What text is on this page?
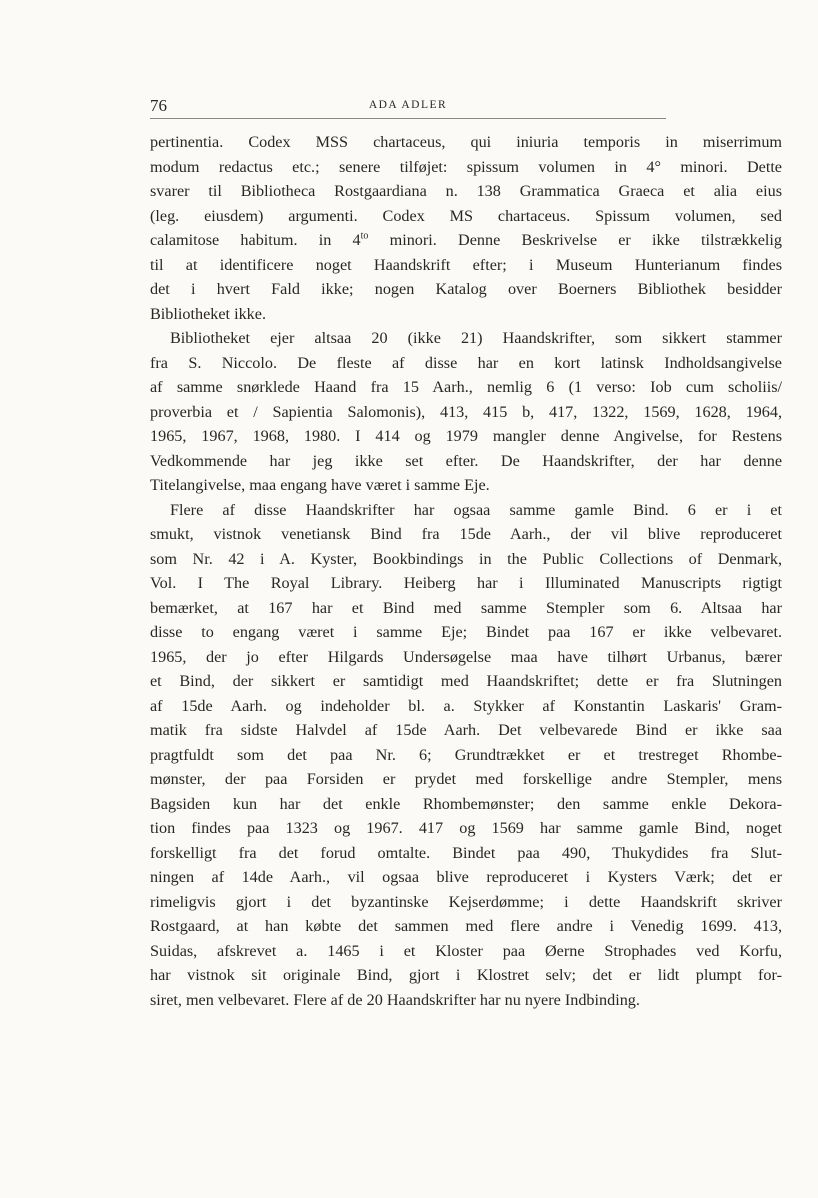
76	ADA ADLER
pertinentia. Codex MSS chartaceus, qui iniuria temporis in miserrimum
modum redactus etc.; senere tilføjet: spissum volumen in 4° minori. Dette
svarer til Bibliotheca Rostgaardiana n. 138 Grammatica Graeca et alia eius
(leg. eiusdem) argumenti. Codex MS chartaceus. Spissum volumen, sed
calamitose habitum. in $4^{to}$ minori. Denne Beskrivelse er ikke tilstrækkelig
til at identificere noget Haandskrift efter; i Museum Hunterianum findes
det i hvert Fald ikke; nogen Katalog over Boerners Bibliothek besidder
Bibliotheket ikke.
Bibliotheket ejer altsaa 20 (ikke 21) Haandskrifter, som sikkert stammer
fra S. Niccolo. De fleste af disse har en kort latinsk Indholdsangivelse
af samme snørklede Haand fra 15 Aarh., nemlig 6 (1 verso: Iob cum scholiis/
proverbia et / Sapientia Salomonis), 413, 415 b, 417, 1322, 1569, 1628, 1964,
1965, 1967, 1968, 1980. I 414 og 1979 mangler denne Angivelse, for Restens
Vedkommende har jeg ikke set efter. De Haandskrifter, der har denne
Titelangivelse, maa engang have været i samme Eje.
Flere af disse Haandskrifter har ogsaa samme gamle Bind. 6 er i et
smukt, vistnok venetiansk Bind fra 15de Aarh., der vil blive reproduceret
som Nr. 42 i A. Kyster, Bookbindings in the Public Collections of Denmark,
Vol. I The Royal Library. Heiberg har i Illuminated Manuscripts rigtigt
bemærket, at 167 har et Bind med samme Stempler som 6. Altsaa har
disse to engang været i samme Eje; Bindet paa 167 er ikke velbevaret.
1965, der jo efter Hilgards Undersøgelse maa have tilhørt Urbanus, bærer
et Bind, der sikkert er samtidigt med Haandskriftet; dette er fra Slutningen
af 15de Aarh. og indeholder bl. a. Stykker af Konstantin Laskaris' Gram-
matik fra sidste Halvdel af 15de Aarh. Det velbevarede Bind er ikke saa
pragtfuldt som det paa Nr. 6; Grundtrækket er et trestreget Rhombe-
mønster, der paa Forsiden er prydet med forskellige andre Stempler, mens
Bagsiden kun har det enkle Rhombemønster; den samme enkle Dekora-
tion findes paa 1323 og 1967. 417 og 1569 har samme gamle Bind, noget
forskelligt fra det forud omtalte. Bindet paa 490, Thukydides fra Slut-
ningen af 14de Aarh., vil ogsaa blive reproduceret i Kysters Værk; det er
rimeligvis gjort i det byzantinske Kejserdømme; i dette Haandskrift skriver
Rostgaard, at han købte det sammen med flere andre i Venedig 1699. 413,
Suidas, afskrevet a. 1465 i et Kloster paa Øerne Strophades ved Korfu,
har vistnok sit originale Bind, gjort i Klostret selv; det er lidt plumpt for-
siret, men velbevaret. Flere af de 20 Haandskrifter har nu nyere Indbinding.
